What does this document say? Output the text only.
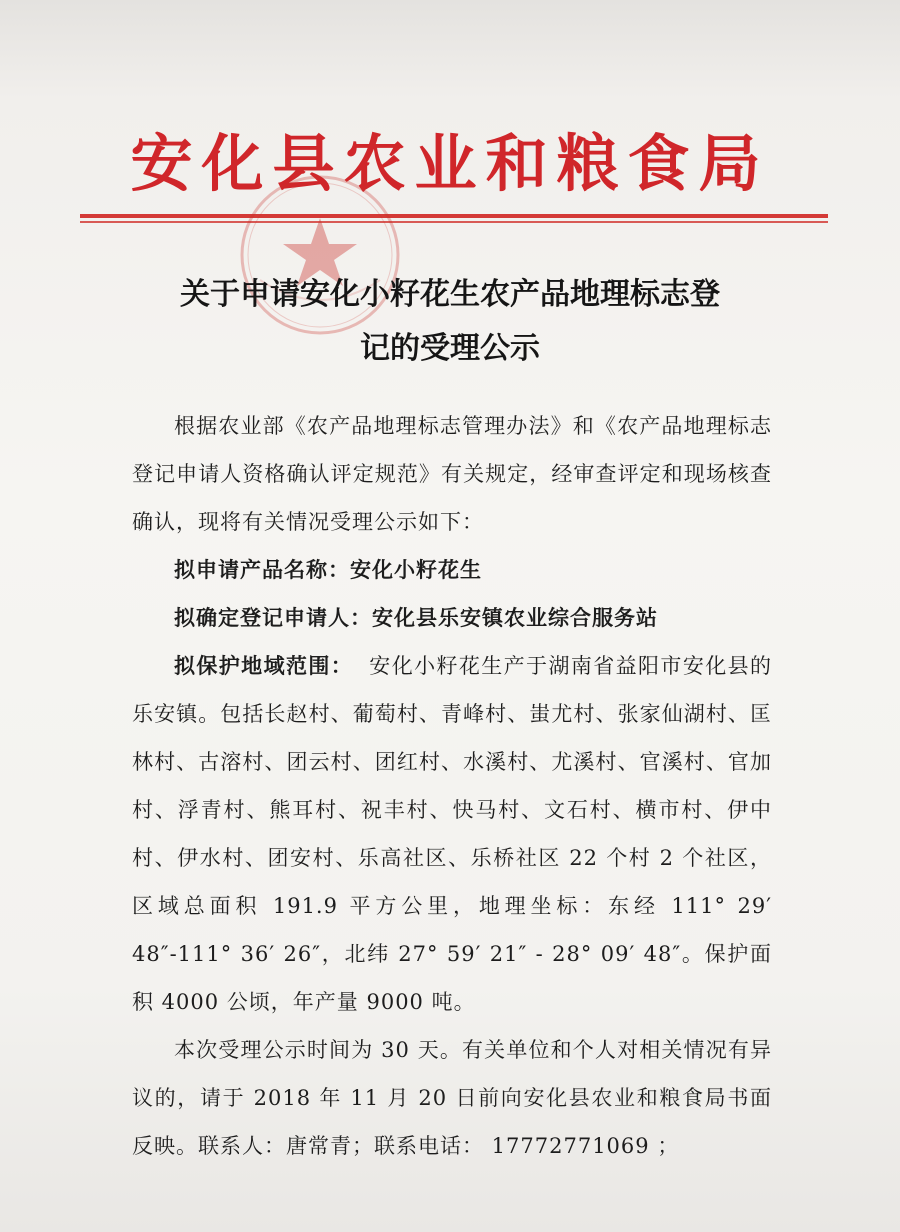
安化县农业和粮食局
关于申请安化小籽花生农产品地理标志登
记的受理公示

根据农业部《农产品地理标志管理办法》和《农产品地理标志登记申请人资格确认评定规范》有关规定，经审查评定和现场核查确认，现将有关情况受理公示如下：

拟申请产品名称：安化小籽花生

拟确定登记申请人：安化县乐安镇农业综合服务站

拟保护地域范围： 安化小籽花生产于湖南省益阳市安化县的乐安镇。包括长赵村、葡萄村、青峰村、蚩尤村、张家仙湖村、匡林村、古溶村、团云村、团红村、水溪村、尤溪村、官溪村、官加村、浮青村、熊耳村、祝丰村、快马村、文石村、横市村、伊中村、伊水村、团安村、乐高社区、乐桥社区 22 个村 2 个社区，区域总面积 191.9 平方公里，地理坐标：东经 111° 29′ 48″-111° 36′ 26″，北纬 27° 59′ 21″ - 28° 09′ 48″。保护面积 4000 公顷，年产量 9000 吨。

本次受理公示时间为 30 天。有关单位和个人对相关情况有异议的，请于 2018 年 11 月 20 日前向安化县农业和粮食局书面反映。联系人：唐常青；联系电话： 17772771069 ；
